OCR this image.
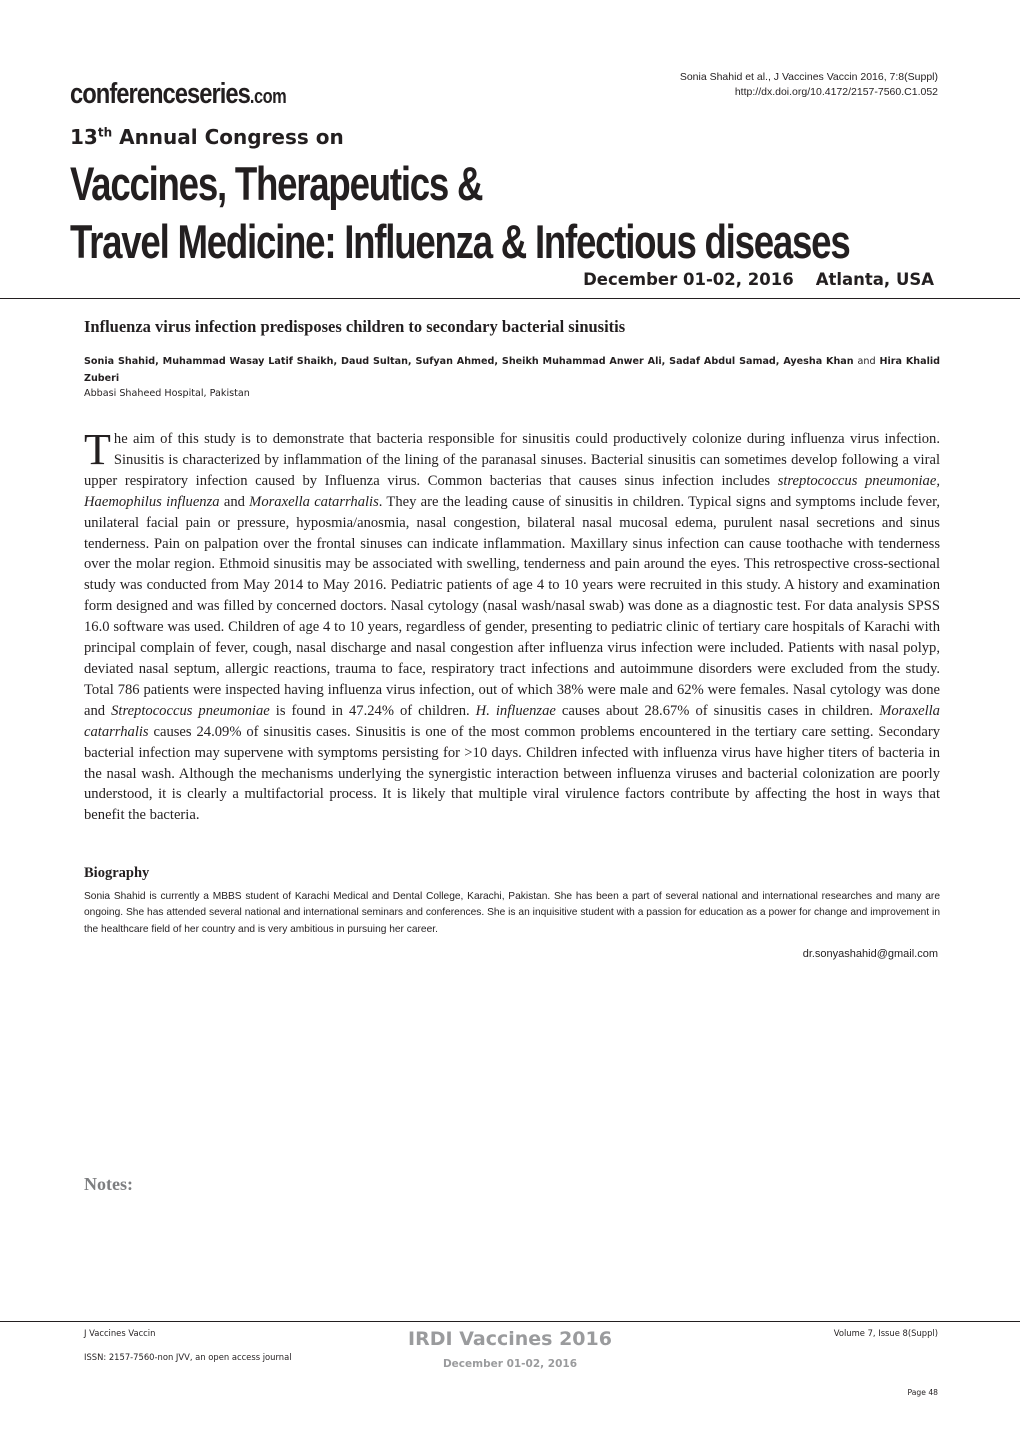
Sonia Shahid et al., J Vaccines Vaccin 2016, 7:8(Suppl)
http://dx.doi.org/10.4172/2157-7560.C1.052
conferenceseries.com
13th Annual Congress on
Vaccines, Therapeutics &
Travel Medicine: Influenza & Infectious diseases
December 01-02, 2016 Atlanta, USA
Influenza virus infection predisposes children to secondary bacterial sinusitis
Sonia Shahid, Muhammad Wasay Latif Shaikh, Daud Sultan, Sufyan Ahmed, Sheikh Muhammad Anwer Ali, Sadaf Abdul Samad, Ayesha Khan and Hira Khalid Zuberi
Abbasi Shaheed Hospital, Pakistan
The aim of this study is to demonstrate that bacteria responsible for sinusitis could productively colonize during influenza virus infection. Sinusitis is characterized by inflammation of the lining of the paranasal sinuses. Bacterial sinusitis can sometimes develop following a viral upper respiratory infection caused by Influenza virus. Common bacterias that causes sinus infection includes streptococcus pneumoniae, Haemophilus influenza and Moraxella catarrhalis. They are the leading cause of sinusitis in children. Typical signs and symptoms include fever, unilateral facial pain or pressure, hyposmia/anosmia, nasal congestion, bilateral nasal mucosal edema, purulent nasal secretions and sinus tenderness. Pain on palpation over the frontal sinuses can indicate inflammation. Maxillary sinus infection can cause toothache with tenderness over the molar region. Ethmoid sinusitis may be associated with swelling, tenderness and pain around the eyes. This retrospective cross-sectional study was conducted from May 2014 to May 2016. Pediatric patients of age 4 to 10 years were recruited in this study. A history and examination form designed and was filled by concerned doctors. Nasal cytology (nasal wash/nasal swab) was done as a diagnostic test. For data analysis SPSS 16.0 software was used. Children of age 4 to 10 years, regardless of gender, presenting to pediatric clinic of tertiary care hospitals of Karachi with principal complain of fever, cough, nasal discharge and nasal congestion after influenza virus infection were included. Patients with nasal polyp, deviated nasal septum, allergic reactions, trauma to face, respiratory tract infections and autoimmune disorders were excluded from the study. Total 786 patients were inspected having influenza virus infection, out of which 38% were male and 62% were females. Nasal cytology was done and Streptococcus pneumoniae is found in 47.24% of children. H. influenzae causes about 28.67% of sinusitis cases in children. Moraxella catarrhalis causes 24.09% of sinusitis cases. Sinusitis is one of the most common problems encountered in the tertiary care setting. Secondary bacterial infection may supervene with symptoms persisting for >10 days. Children infected with influenza virus have higher titers of bacteria in the nasal wash. Although the mechanisms underlying the synergistic interaction between influenza viruses and bacterial colonization are poorly understood, it is clearly a multifactorial process. It is likely that multiple viral virulence factors contribute by affecting the host in ways that benefit the bacteria.
Biography
Sonia Shahid is currently a MBBS student of Karachi Medical and Dental College, Karachi, Pakistan. She has been a part of several national and international researches and many are ongoing. She has attended several national and international seminars and conferences. She is an inquisitive student with a passion for education as a power for change and improvement in the healthcare field of her country and is very ambitious in pursuing her career.
dr.sonyashahid@gmail.com
Notes:
J Vaccines Vaccin
ISSN: 2157-7560-non JVV, an open access journal
IRDI Vaccines 2016
December 01-02, 2016
Volume 7, Issue 8(Suppl)
Page 48
